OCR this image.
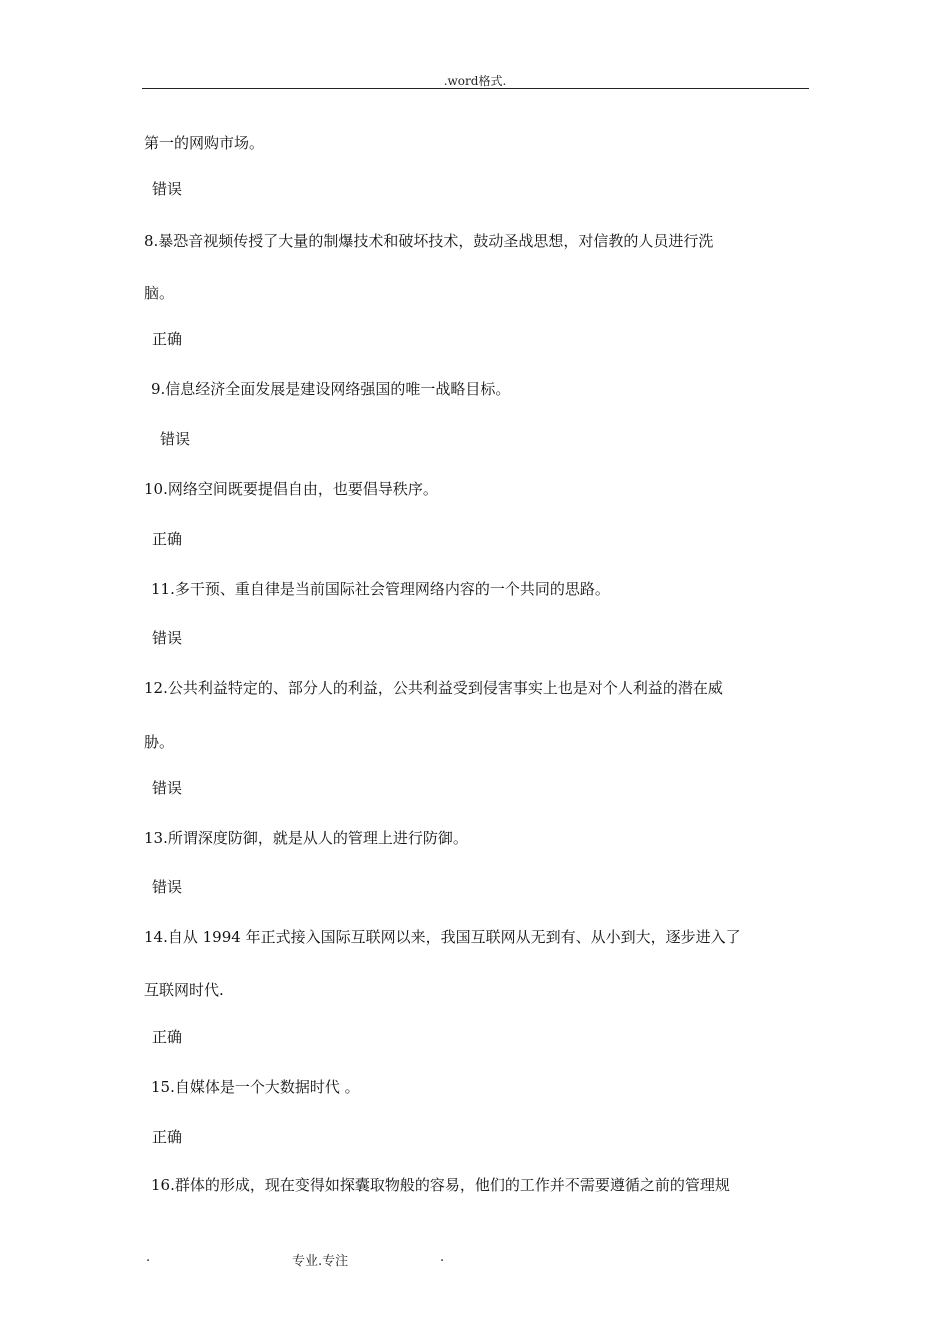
.word格式.
第一的网购市场。
错误
8.暴恐音视频传授了大量的制爆技术和破坏技术，鼓动圣战思想，对信教的人员进行洗
脑。
正确
9.信息经济全面发展是建设网络强国的唯一战略目标。
错误
10.网络空间既要提倡自由，也要倡导秩序。
正确
11.多干预、重自律是当前国际社会管理网络内容的一个共同的思路。
错误
12.公共利益特定的、部分人的利益，公共利益受到侵害事实上也是对个人利益的潜在威
胁。
错误
13.所谓深度防御，就是从人的管理上进行防御。
错误
14.自从 1994 年正式接入国际互联网以来，我国互联网从无到有、从小到大，逐步进入了
互联网时代.
正确
15.自媒体是一个大数据时代 。
正确
16.群体的形成，现在变得如探囊取物般的容易，他们的工作并不需要遵循之前的管理规
.	专业.专注	.
